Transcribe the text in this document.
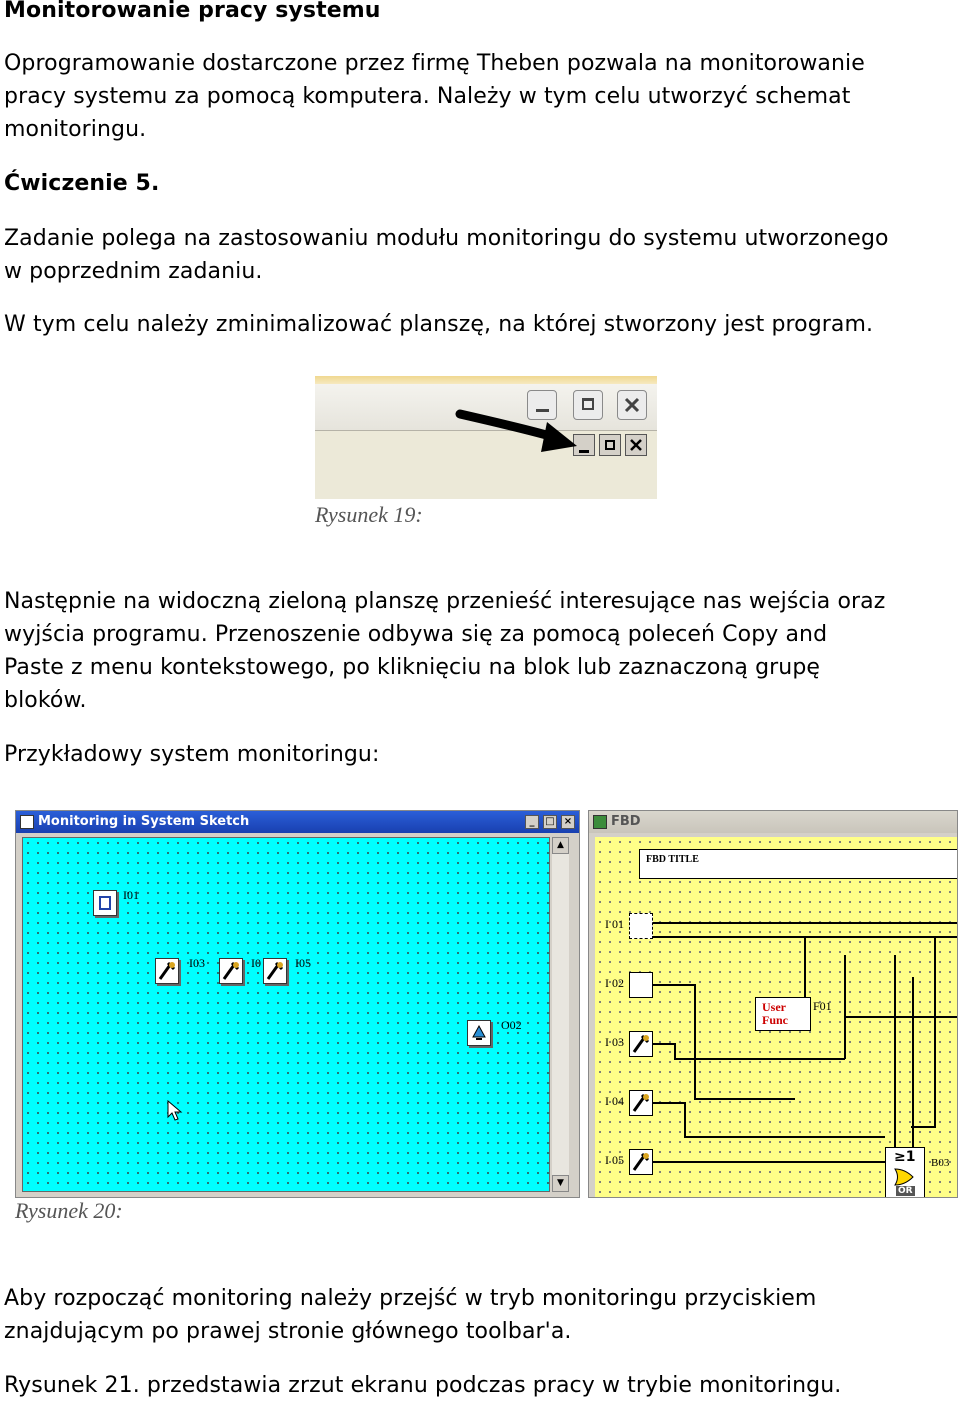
Monitorowanie pracy systemu

Oprogramowanie dostarczone przez firmę Theben pozwala na monitorowanie

pracy systemu za pomocą komputera. Należy w tym celu utworzyć schemat

monitoringu.

Ćwiczenie 5.

Zadanie polega na zastosowaniu modułu monitoringu do systemu utworzonego

w poprzednim zadaniu.

W tym celu należy zminimalizować planszę, na której stworzony jest program.

Rysunek 19:

Następnie na widoczną zieloną planszę przenieść interesujące nas wejścia oraz

wyjścia programu. Przenoszenie odbywa się za pomocą poleceń Copy and

Paste z menu kontekstowego, po kliknięciu na blok lub zaznaczoną grupę

bloków.

Przykładowy system monitoringu:

Monitoring in System Sketch	_	□ ×
I01
I03	I0	I05
O02
▲
▼
FBD
FBD TITLE
I 01
I 02
I 03
I 04
I 05
User
Func
F01
≥1
OR
B03
Rysunek 20:

Aby rozpocząć monitoring należy przejść w tryb monitoringu przyciskiem

znajdującym po prawej stronie głównego toolbar'a.

Rysunek 21. przedstawia zrzut ekranu podczas pracy w trybie monitoringu.
